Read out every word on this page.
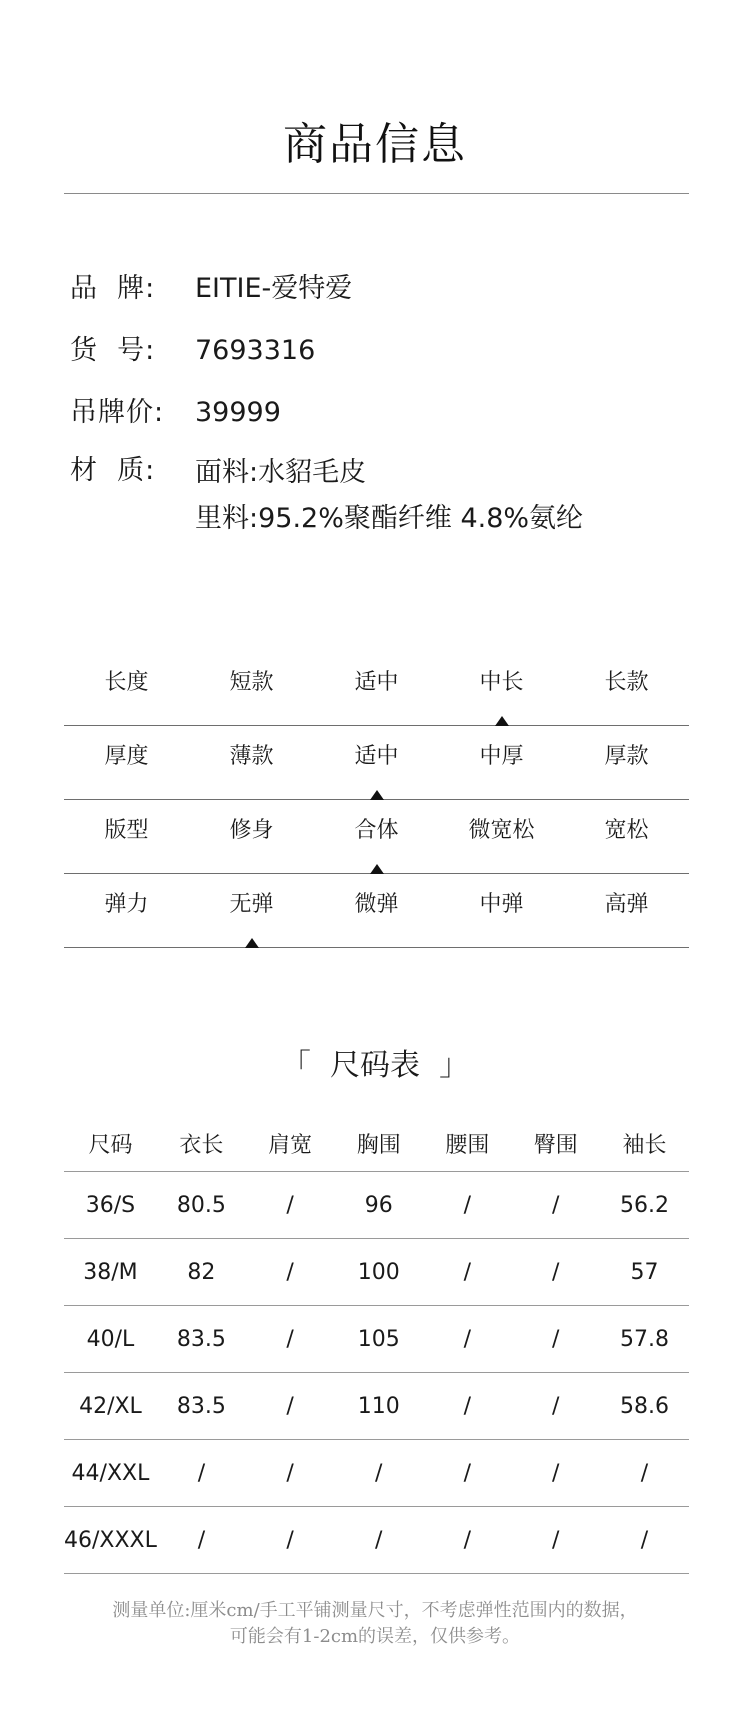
商品信息
品  牌:	EITIE-爱特爱
货  号:	7693316
吊牌价:	39999
材  质:	面料:水貂毛皮
里料:95.2%聚酯纤维 4.8%氨纶
长度	短款	适中	中长	长款
厚度	薄款	适中	中厚	厚款
版型	修身	合体	微宽松	宽松
弹力	无弹	微弹	中弹	高弹
「  尺码表  」
尺码	衣长	肩宽	胸围	腰围	臀围	袖长
36/S	80.5	/	96	/	/	56.2
38/M	82	/	100	/	/	57
40/L	83.5	/	105	/	/	57.8
42/XL	83.5	/	110	/	/	58.6
44/XXL	/	/	/	/	/	/
46/XXXL	/	/	/	/	/	/
测量单位:厘米cm/手工平铺测量尺寸，不考虑弹性范围内的数据，
可能会有1-2cm的误差，仅供参考。
